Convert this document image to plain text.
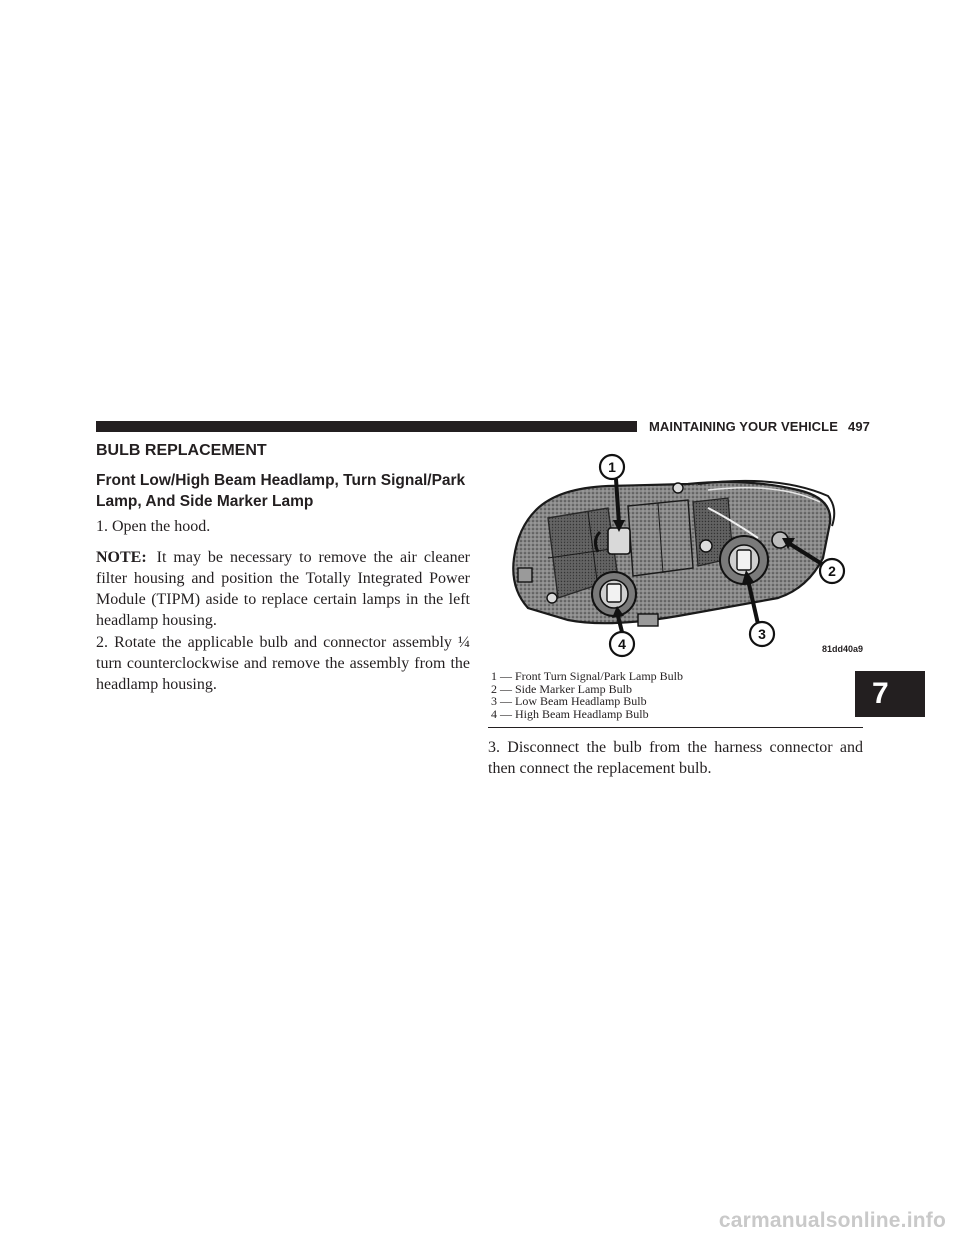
MAINTAINING YOUR VEHICLE 497
BULB REPLACEMENT
Front Low/High Beam Headlamp, Turn Signal/Park Lamp, And Side Marker Lamp

1. Open the hood.

NOTE: It may be necessary to remove the air cleaner filter housing and position the Totally Integrated Power Module (TIPM) aside to replace certain lamps in the left headlamp housing.

2. Rotate the applicable bulb and connector assembly ¼ turn counterclockwise and remove the assembly from the headlamp housing.

1
2
3
4	81dd40a9
1 — Front Turn Signal/Park Lamp Bulb
2 — Side Marker Lamp Bulb
3 — Low Beam Headlamp Bulb
4 — High Beam Headlamp Bulb

3. Disconnect the bulb from the harness connector and then connect the replacement bulb.

7
carmanualsonline.info
